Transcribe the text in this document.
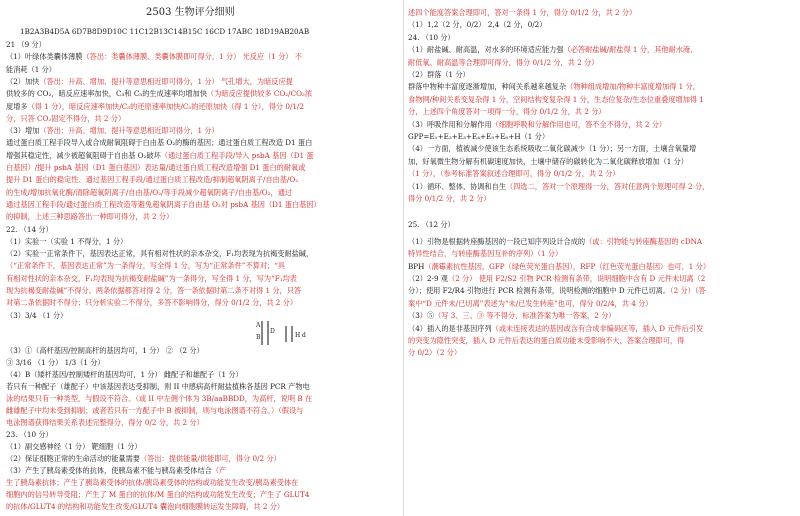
2503 生物评分细则
1B2A3B4D5A 6D7B8D9D10C 11C12B13C14B15C 16CD 17ABC 18D19AB20AB
21 （9 分）
（1）叶绿体类囊体薄膜（答出：类囊体薄膜、类囊体膜即可得分，1 分） 光反应（1 分） 不
能消耗（1 分）
（2）加快（答出：升高、增加、提升等意思相近即可得分，1 分） 气孔增大，为暗反应提
供较多的 CO₂，暗反应速率加快，C₃和 C₅的生成速率均增加快（为暗反应提供较多 CO₂/CO₂浓
度增多（得 1 分），暗反应速率加快/C₃的还原速率加快/C₅的还原加快（得 1 分），得分 0/1/2
分，只答 CO₂固定不得分，共 2 分）
（3）增加（答出：升高、增加、提升等意思相近即可得分，1 分）
通过蛋白质工程手段导入或合成耐氧阻碍于白由基 O₂的酶的基因；通过蛋白质工程改造 D1 蛋白
增强其稳定性，减少被超氧阻碍于自由基 O₂破坏（通过蛋白质工程手段/导入 psbA 基因（D1 蛋
白基因）/提升 psbA 基因（D1 蛋白基因）表达量/通过蛋白质工程改造增强 D1 蛋白的耐氧或
提升 D1 蛋白的稳定性、通过基因工程手段/通过蛋白质工程改造/抑制超氧阴离子/自由基/O₂
的生成/增加抗氧化酶/清除超氧阴离子/自由基/O₂/等手段减少超氧阴离子/自由基/O₂，通过
通过基因工程手段/通过蛋白质工程改造等避免超氧阴离子自由基 O₂对 psbA 基因（D1 蛋白基因）
的抑制，上述三种思路答出一种即可得分，共 2 分）
22. （14 分）
（1）实验一（实验 1 不得分，1 分）
（2）实验一正常条件下，基因表达正常，具有相对性状的亲本杂交，F₁均表现为抗褐变耐盐碱，
（“正常条件下，基因表达正常”为一条得分，写全得 1 分，写为“正常条件”不算对；“具
有相对性状的亲本杂交，F₁均表现为抗褐变耐盐碱”为一条得分，写全得 1 分，写为“F₁均表
现为抗褐变耐盐碱”不得分。两条依据都答对得 2 分，答一条依据时第二条不对得 1 分，只答
对第二条依据时不得分；只分析实验二不得分，多答不影响得分，得分 0/1/2 分，共 2 分）
（3）3/4 （1 分）
A
B
D
H d
（3）①（高杆基因/控制高杆的基因均可，1 分） ② （2 分）
③ 3/16 （1 分） 1/3（1 分）
（4）B（矮杆基因/控制矮杆的基因均可，1 分） 雌配子和雄配子（1 分）
若只有一种配子（雄配子）中该基因表达受抑制，则 II 中感病高杆耐盐植株各基因 PCR 产物电
泳的结果只有一种类型，与假设不符合。（或 II 中左侧个体为 3B/aaBBDD，为高杆，说明 B 在
雌雄配子中均未受到抑制；或者若只有一方配子中 B 被抑制，则与电泳图谱不符合。）（假设与
电泳图谱获得结果关系表述完整得分，得分 0/2 分，共 2 分）
23. （10 分）
（1）副交感神经（1 分） 靶细胞（1 分）
（2）保证细胞正常的生命活动的能量需要（答出：提供能量/供能即可，得分 0/2 分）
（3）产生了胰岛素受体的抗体，使胰岛素不能与胰岛素受体结合（产
生了胰岛素抗体；产生了胰岛素受体的抗体/胰岛素受体的结构或功能发生改变/胰岛素受体在
细胞内的信号转导受阻；产生了 M 蛋白的抗体/M 蛋白的结构或功能发生改变；产生了 GLUT4
的抗体/GLUT4 的结构和功能发生改变/GLUT4 囊泡向细胞膜转运发生障碍，共 2 分）
述四个能度答案合理即可，答对一条得 1 分，得分 0/1/2 分，共 2 分）
（1）1,2（2 分，0/2） 2,4（2 分，0/2）
24. （10 分）
（1）耐盐碱、耐高温，对水多的环境适应能力强（必答耐盐碱/耐盐得 1 分，其他耐水淹、
耐低氧、耐高温等合理即可得分，得分 0/1/2 分，共 2 分）
（2）群落（1 分）
群落中物种丰富度逐渐增加，种间关系越来越复杂（物种组成增加/物种丰富度增加得 1 分，
食物网/种间关系变复杂得 1 分，空间结构变复杂得 1 分，生态位复杂/生态位重叠度增加得 1
分，上述四个角度答对一项得一分，得分 0/1/2 分，共 2 分）
（3）呼吸作用和分解作用（细胞呼吸和分解作用也可，答不全不得分，共 2 分）
GPP=E₁+E₂+E₃+E₄+E₅+E₆+H（1 分）
（4）一方面，植被减少使该生态系统吸收二氧化碳减少（1 分）；另一方面，土壤含氧量增
加，好氧微生物分解有机碳速度加快，土壤中储存的碳转化为二氧化碳释放增加（1 分）
（1 分），（参考标准答案叙述合理即可，得分 0/1/2 分，共 2 分）
（1）循环、整体、协调和自生（四选二，答对一个原理得一分，答对任意两个原理可得 2 分，
得分 0/1/2 分，共 2 分）
25. （12 分）
（1）引物是根据转座酶基因的一段已知序列设计合成的（或：引物能与转座酶基因的 cDNA
特异性结合，与转座酶基因互补的序列）（1 分）
BPH（潮霉素抗性基因，GFP（绿色荧光蛋白基因），RFP（红色荧光蛋白基因）也可，1 分）
（2）2-9 观（2 分） 使用 F2/S2 引物 PCR 检测有条带，说明细胞中含有 D 元件未切离（2
分）；使用 F2/R4 引物进行 PCR 检测有条带，说明检测的细胞中 D 元件已切离。（2 分）（答
案中“D 元件未/已切离”表述为“未/已发生转座”也可，得分 0/2/4，共 4 分）
（3）⑤（写 3、三、③ 等不得分，标准答案为唯一答案，2 分）
（4）插入的是非基因序列（或未连接表达的基因或含有合成非编码区等，插入 D 元件后引发
的突变为隐性突变，插入 D 元件后表达的蛋白质功能未受影响不大，答案合理即可，得
分 0/2）（2 分）
